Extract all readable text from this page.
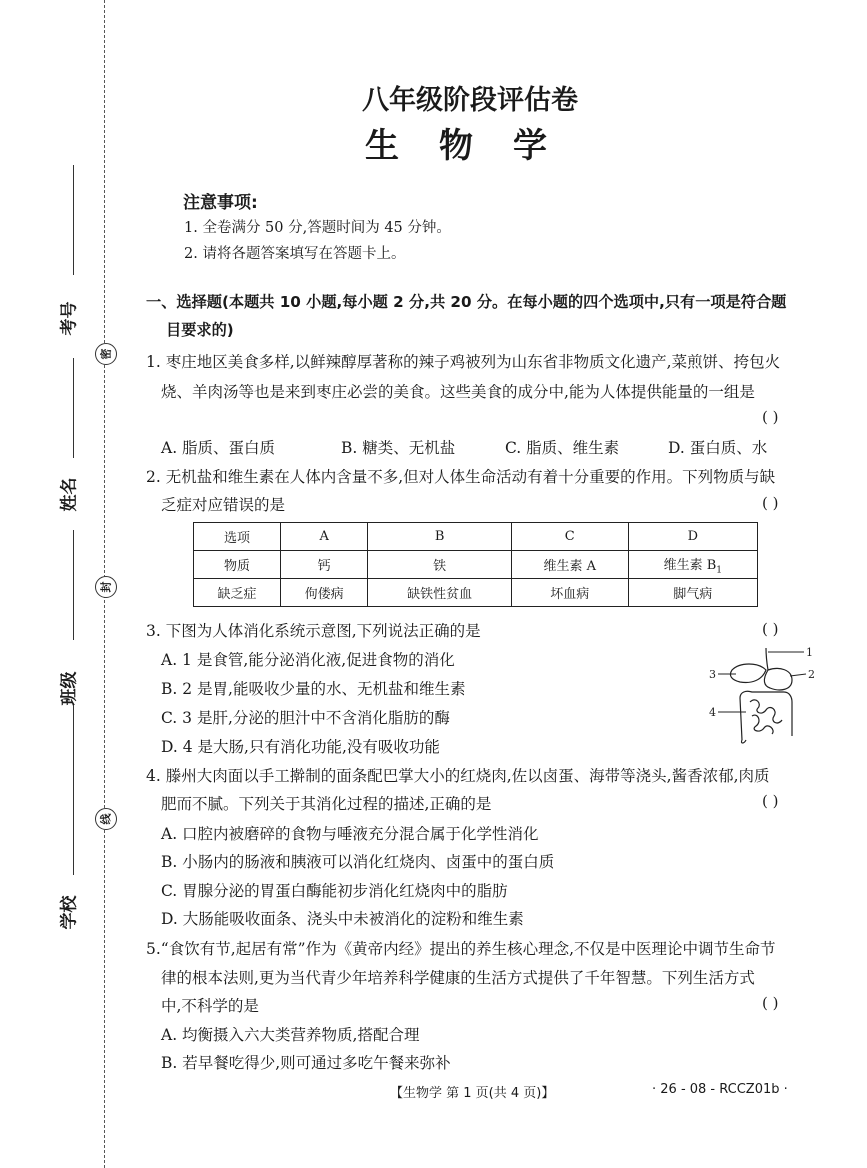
考号
姓名
班级
学校
密
封
线
八年级阶段评估卷
生物学
注意事项:
1. 全卷满分 50 分,答题时间为 45 分钟。
2. 请将各题答案填写在答题卡上。
一、选择题(本题共 10 小题,每小题 2 分,共 20 分。在每小题的四个选项中,只有一项是符合题
目要求的)
1. 枣庄地区美食多样,以鲜辣醇厚著称的辣子鸡被列为山东省非物质文化遗产,菜煎饼、挎包火
烧、羊肉汤等也是来到枣庄必尝的美食。这些美食的成分中,能为人体提供能量的一组是
( )
A. 脂质、蛋白质	B. 糖类、无机盐	C. 脂质、维生素	D. 蛋白质、水
2. 无机盐和维生素在人体内含量不多,但对人体生命活动有着十分重要的作用。下列物质与缺
乏症对应错误的是	( )
选项	A	B	C	D
物质	钙	铁	维生素 A	维生素 $B_1$
缺乏症	佝偻病	缺铁性贫血	坏血病	脚气病
3. 下图为人体消化系统示意图,下列说法正确的是	( )
A. 1 是食管,能分泌消化液,促进食物的消化
B. 2 是胃,能吸收少量的水、无机盐和维生素
C. 3 是肝,分泌的胆汁中不含消化脂肪的酶
D. 4 是大肠,只有消化功能,没有吸收功能
1
2
3
4
4. 滕州大肉面以手工擀制的面条配巴掌大小的红烧肉,佐以卤蛋、海带等浇头,酱香浓郁,肉质
肥而不腻。下列关于其消化过程的描述,正确的是	( )
A. 口腔内被磨碎的食物与唾液充分混合属于化学性消化
B. 小肠内的肠液和胰液可以消化红烧肉、卤蛋中的蛋白质
C. 胃腺分泌的胃蛋白酶能初步消化红烧肉中的脂肪
D. 大肠能吸收面条、浇头中未被消化的淀粉和维生素
5.“食饮有节,起居有常”作为《黄帝内经》提出的养生核心理念,不仅是中医理论中调节生命节
律的根本法则,更为当代青少年培养科学健康的生活方式提供了千年智慧。下列生活方式
中,不科学的是	( )
A. 均衡摄入六大类营养物质,搭配合理
B. 若早餐吃得少,则可通过多吃午餐来弥补
【生物学 第 1 页(共 4 页)】	· 26 - 08 - RCCZ01b ·
